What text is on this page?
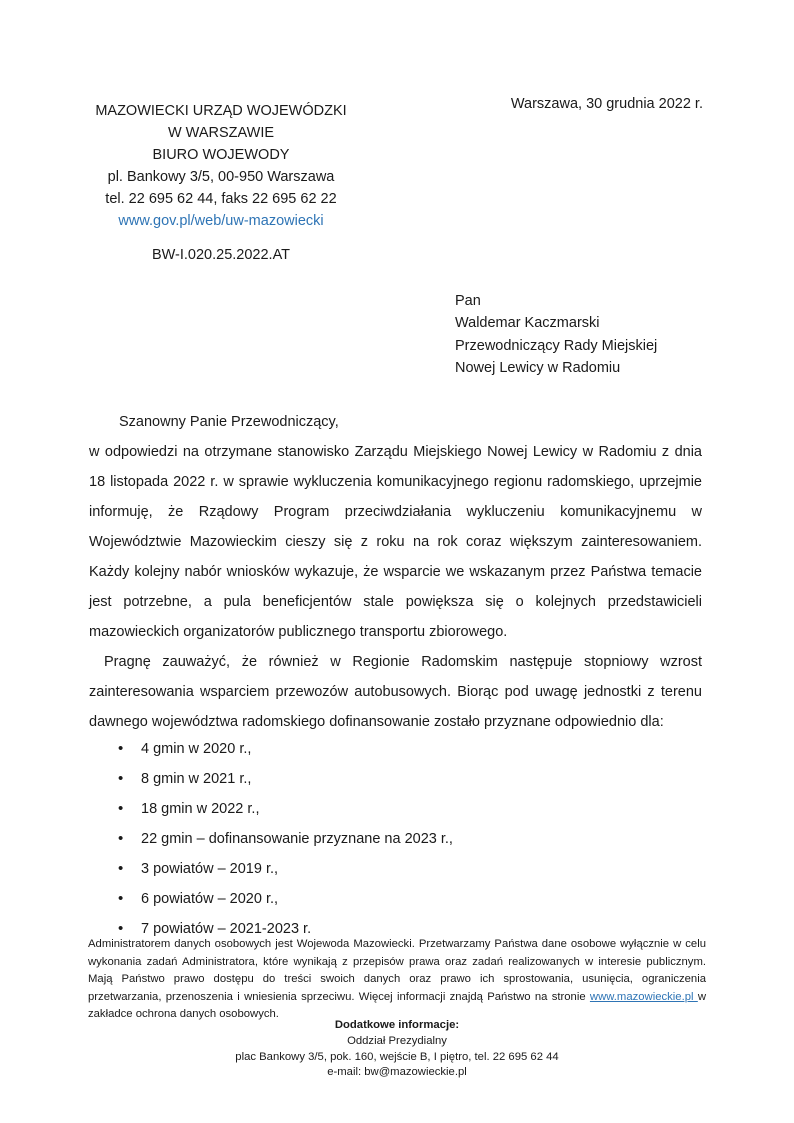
Warszawa, 30 grudnia 2022 r.
MAZOWIECKI URZĄD WOJEWÓDZKI
W WARSZAWIE
BIURO WOJEWODY
pl. Bankowy 3/5, 00-950 Warszawa
tel. 22 695 62 44, faks 22 695 62 22
www.gov.pl/web/uw-mazowiecki
BW-I.020.25.2022.AT
Pan
Waldemar Kaczmarski
Przewodniczący Rady Miejskiej
Nowej Lewicy w Radomiu
Szanowny Panie Przewodniczący,

w odpowiedzi na otrzymane stanowisko Zarządu Miejskiego Nowej Lewicy w Radomiu z dnia 18 listopada 2022 r. w sprawie wykluczenia komunikacyjnego regionu radomskiego, uprzejmie informuję, że Rządowy Program przeciwdziałania wykluczeniu komunikacyjnemu w Województwie Mazowieckim cieszy się z roku na rok coraz większym zainteresowaniem. Każdy kolejny nabór wniosków wykazuje, że wsparcie we wskazanym przez Państwa temacie jest potrzebne, a pula beneficjentów stale powiększa się o kolejnych przedstawicieli mazowieckich organizatorów publicznego transportu zbiorowego.

Pragnę zauważyć, że również w Regionie Radomskim następuje stopniowy wzrost zainteresowania wsparciem przewozów autobusowych. Biorąc pod uwagę jednostki z terenu dawnego województwa radomskiego dofinansowanie zostało przyznane odpowiednio dla:

• 4 gmin w 2020 r.,
• 8 gmin w 2021 r.,
• 18 gmin w 2022 r.,
• 22 gmin – dofinansowanie przyznane na 2023 r.,
• 3 powiatów – 2019 r.,
• 6 powiatów – 2020 r.,
• 7 powiatów – 2021-2023 r.
Administratorem danych osobowych jest Wojewoda Mazowiecki. Przetwarzamy Państwa dane osobowe wyłącznie w celu wykonania zadań Administratora, które wynikają z przepisów prawa oraz zadań realizowanych w interesie publicznym. Mają Państwo prawo dostępu do treści swoich danych oraz prawo ich sprostowania, usunięcia, ograniczenia przetwarzania, przenoszenia i wniesienia sprzeciwu. Więcej informacji znajdą Państwo na stronie www.mazowieckie.pl w zakładce ochrona danych osobowych.
Dodatkowe informacje:
Oddział Prezydialny
plac Bankowy 3/5, pok. 160, wejście B, I piętro, tel. 22 695 62 44
e-mail: bw@mazowieckie.pl
